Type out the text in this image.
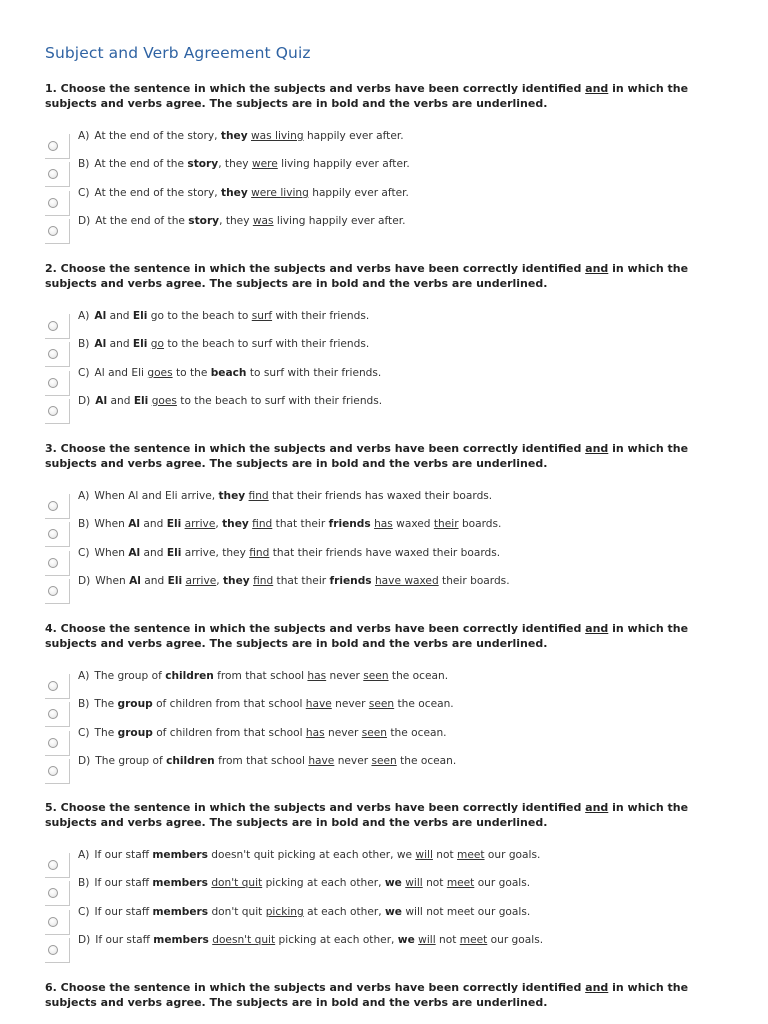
Subject and Verb Agreement Quiz
1. Choose the sentence in which the subjects and verbs have been correctly identified and in which the subjects and verbs agree. The subjects are in bold and the verbs are underlined.
A) At the end of the story, they was living happily ever after.
B) At the end of the story, they were living happily ever after.
C) At the end of the story, they were living happily ever after.
D) At the end of the story, they was living happily ever after.
2. Choose the sentence in which the subjects and verbs have been correctly identified and in which the subjects and verbs agree. The subjects are in bold and the verbs are underlined.
A) Al and Eli go to the beach to surf with their friends.
B) Al and Eli go to the beach to surf with their friends.
C) Al and Eli goes to the beach to surf with their friends.
D) Al and Eli goes to the beach to surf with their friends.
3. Choose the sentence in which the subjects and verbs have been correctly identified and in which the subjects and verbs agree. The subjects are in bold and the verbs are underlined.
A) When Al and Eli arrive, they find that their friends has waxed their boards.
B) When Al and Eli arrive, they find that their friends has waxed their boards.
C) When Al and Eli arrive, they find that their friends have waxed their boards.
D) When Al and Eli arrive, they find that their friends have waxed their boards.
4. Choose the sentence in which the subjects and verbs have been correctly identified and in which the subjects and verbs agree. The subjects are in bold and the verbs are underlined.
A) The group of children from that school has never seen the ocean.
B) The group of children from that school have never seen the ocean.
C) The group of children from that school has never seen the ocean.
D) The group of children from that school have never seen the ocean.
5. Choose the sentence in which the subjects and verbs have been correctly identified and in which the subjects and verbs agree. The subjects are in bold and the verbs are underlined.
A) If our staff members doesn't quit picking at each other, we will not meet our goals.
B) If our staff members don't quit picking at each other, we will not meet our goals.
C) If our staff members don't quit picking at each other, we will not meet our goals.
D) If our staff members doesn't quit picking at each other, we will not meet our goals.
6. Choose the sentence in which the subjects and verbs have been correctly identified and in which the subjects and verbs agree. The subjects are in bold and the verbs are underlined.
